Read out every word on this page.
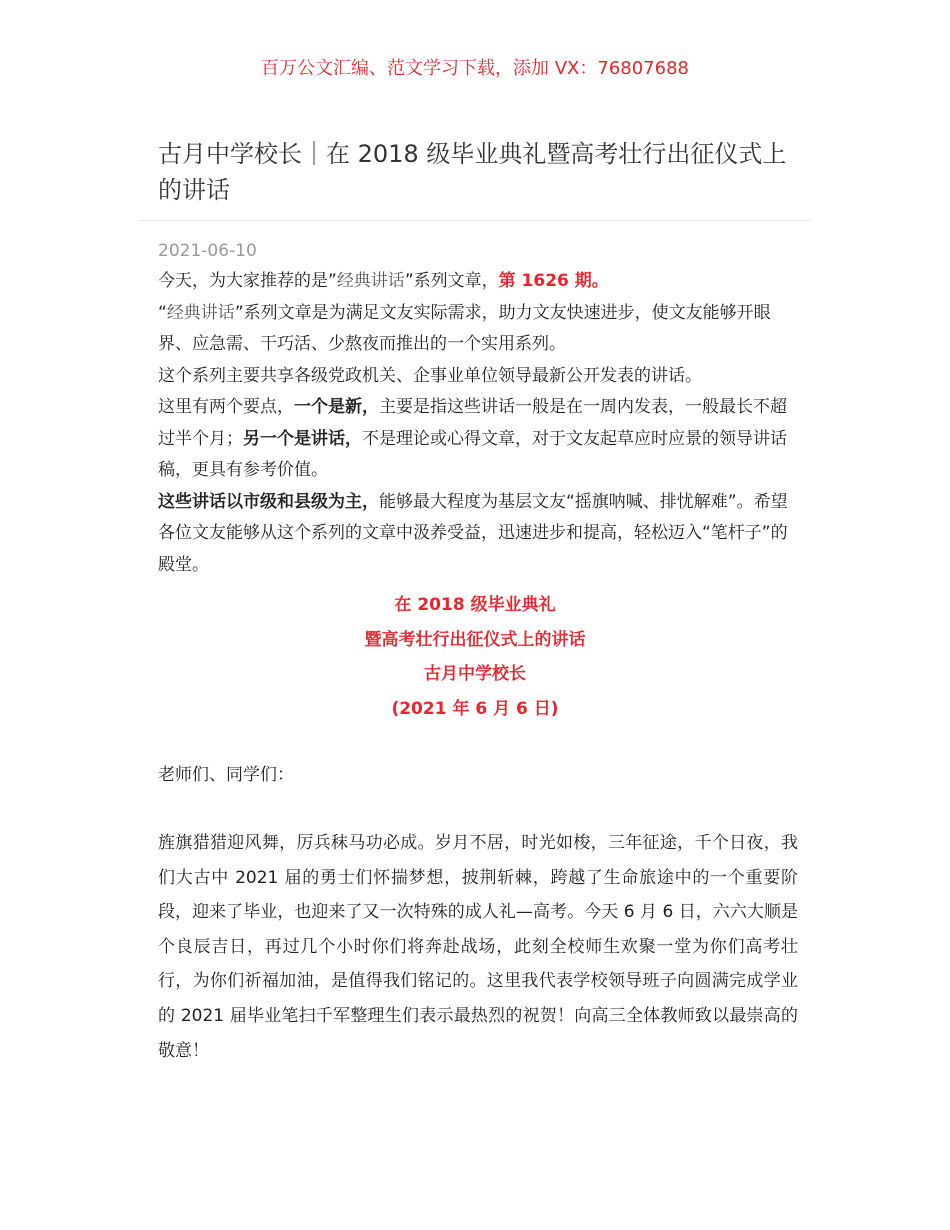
百万公文汇编、范文学习下载，添加 VX：76807688
古月中学校长｜在 2018 级毕业典礼暨高考壮行出征仪式上的讲话
2021-06-10

今天，为大家推荐的是”经典讲话”系列文章，第 1626 期。

“经典讲话”系列文章是为满足文友实际需求，助力文友快速进步，使文友能够开眼界、应急需、干巧活、少熬夜而推出的一个实用系列。

这个系列主要共享各级党政机关、企事业单位领导最新公开发表的讲话。

这里有两个要点，一个是新，主要是指这些讲话一般是在一周内发表，一般最长不超过半个月；另一个是讲话，不是理论或心得文章，对于文友起草应时应景的领导讲话稿，更具有参考价值。

这些讲话以市级和县级为主，能够最大程度为基层文友“摇旗呐喊、排忧解难”。希望各位文友能够从这个系列的文章中汲养受益，迅速进步和提高，轻松迈入“笔杆子”的殿堂。

在 2018 级毕业典礼
暨高考壮行出征仪式上的讲话
古月中学校长
(2021 年 6 月 6 日)
老师们、同学们：

旌旗猎猎迎风舞，厉兵秣马功必成。岁月不居，时光如梭，三年征途，千个日夜，我们大古中 2021 届的勇士们怀揣梦想，披荆斩棘，跨越了生命旅途中的一个重要阶段，迎来了毕业，也迎来了又一次特殊的成人礼—高考。今天 6 月 6 日，六六大顺是个良辰吉日，再过几个小时你们将奔赴战场，此刻全校师生欢聚一堂为你们高考壮行，为你们祈福加油，是值得我们铭记的。这里我代表学校领导班子向圆满完成学业的 2021 届毕业笔扫千军整理生们表示最热烈的祝贺！向高三全体教师致以最崇高的敬意！
